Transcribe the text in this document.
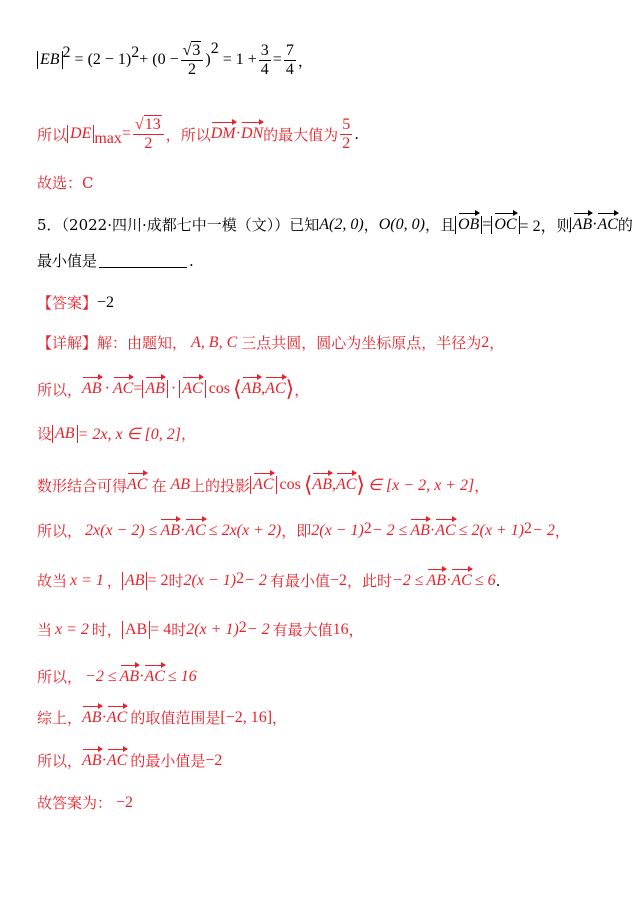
EB 2 = (2 − 1) $2 + (0 - \frac{√ 3}{2}$ )
2
= $1 + \frac{3}{4} = \frac{7}{4}$ ，
所以 DE $\max = \frac{√ 13}{2}$ ，所以 DM · DN 的最大值为 $\frac{5}{2}$ .
故选：C
5．（2022·四川·成都七中一模（文））已知 A(2, 0) ， O(0, 0) ，且 OB = OC = 2，则 AB · AC 的
最小值是	.
【答案】 −2
【详解】 解：由题知， A, B, C 三点共圆，圆心为坐标原点，半径为 2 ，
所以， AB · AC = AB · AC cos ⟨ AB , AC ⟩ ，
设 AB = 2x, x ∈ [0, 2] ，
数形结合可得 AC 在 AB 上的投影 AC cos ⟨ AB , AC ⟩ ∈ [x − 2, x + 2] ，
所以， 2x(x − 2) ≤ AB · AC ≤ 2x(x + 2) ，即 2(x − 1) 2 − 2 ≤ AB · AC ≤ 2(x + 1) 2 − 2 ，
故当 x = 1 ， AB = 2 时 2(x − 1) 2 − 2 有最小值 −2 ，此时 −2 ≤ AB · AC ≤ 6 .
当 x = 2 时， AB = 4 时 2(x + 1) 2 − 2 有最大值 16 ，
所以， −2 ≤ AB · AC ≤ 16
综上， AB · AC 的取值范围是 [−2, 16] ，
所以， AB · AC 的最小值是 −2
故答案为： −2
